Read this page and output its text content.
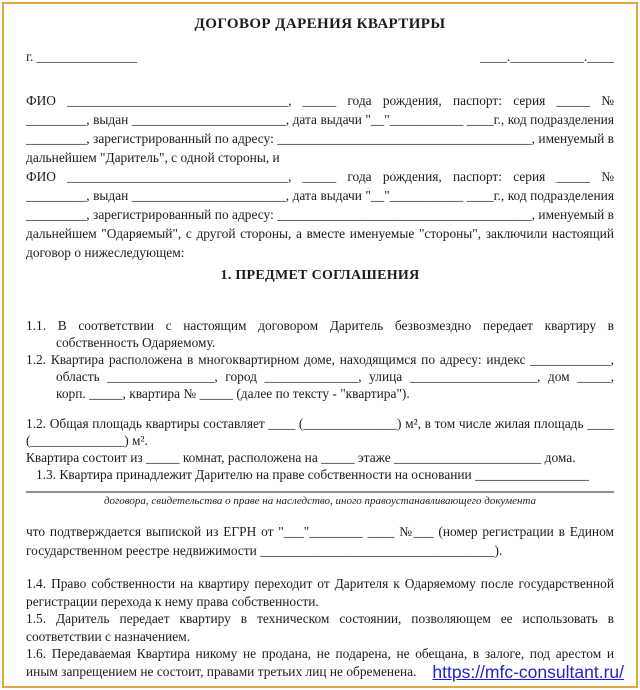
ДОГОВОР ДАРЕНИЯ КВАРТИРЫ
г. _______________	____.___________.____

ФИО _________________________________, _____ года рождения, паспорт: серия _____ № _________, выдан _______________________, дата выдачи "__"___________ ____г., код подразделения _________, зарегистрированный по адресу: ______________________________________, именуемый в дальнейшем "Даритель", с одной стороны, и

ФИО _________________________________, _____ года рождения, паспорт: серия _____ № _________, выдан _______________________, дата выдачи "__"___________ ____г., код подразделения _________, зарегистрированный по адресу: ______________________________________, именуемый в дальнейшем "Одаряемый", с другой стороны, а вместе именуемые "стороны", заключили настоящий договор о нижеследующем:

1. ПРЕДМЕТ СОГЛАШЕНИЯ

1.1. В соответствии с настоящим договором Даритель безвозмездно передает квартиру в собственность Одаряемому.

1.2. Квартира расположена в многоквартирном доме, находящимся по адресу: индекс ____________, область ________________, город ______________, улица ___________________, дом _____, корп. _____, квартира № _____ (далее по тексту - "квартира").

1.2. Общая площадь квартиры составляет ____ (______________) м², в том числе жилая площадь ____ (______________) м².

Квартира состоит из _____ комнат, расположена на _____ этаже ______________________ дома.

1.3. Квартира принадлежит Дарителю на праве собственности на основании _________________

договора, свидетельства о праве на наследство, иного правоустанавливающего документа

что подтверждается выпиской из ЕГРН от "___"________ ____ №___ (номер регистрации в Едином государственном реестре недвижимости ___________________________________).

1.4. Право собственности на квартиру переходит от Дарителя к Одаряемому после государственной регистрации перехода к нему права собственности.

1.5. Даритель передает квартиру в техническом состоянии, позволяющем ее использовать в соответствии с назначением.

1.6. Передаваемая Квартира никому не продана, не подарена, не обещана, в залоге, под арестом и иным запрещением не состоит, правами третьих лиц не обременена. https://mfc-consultant.ru/
